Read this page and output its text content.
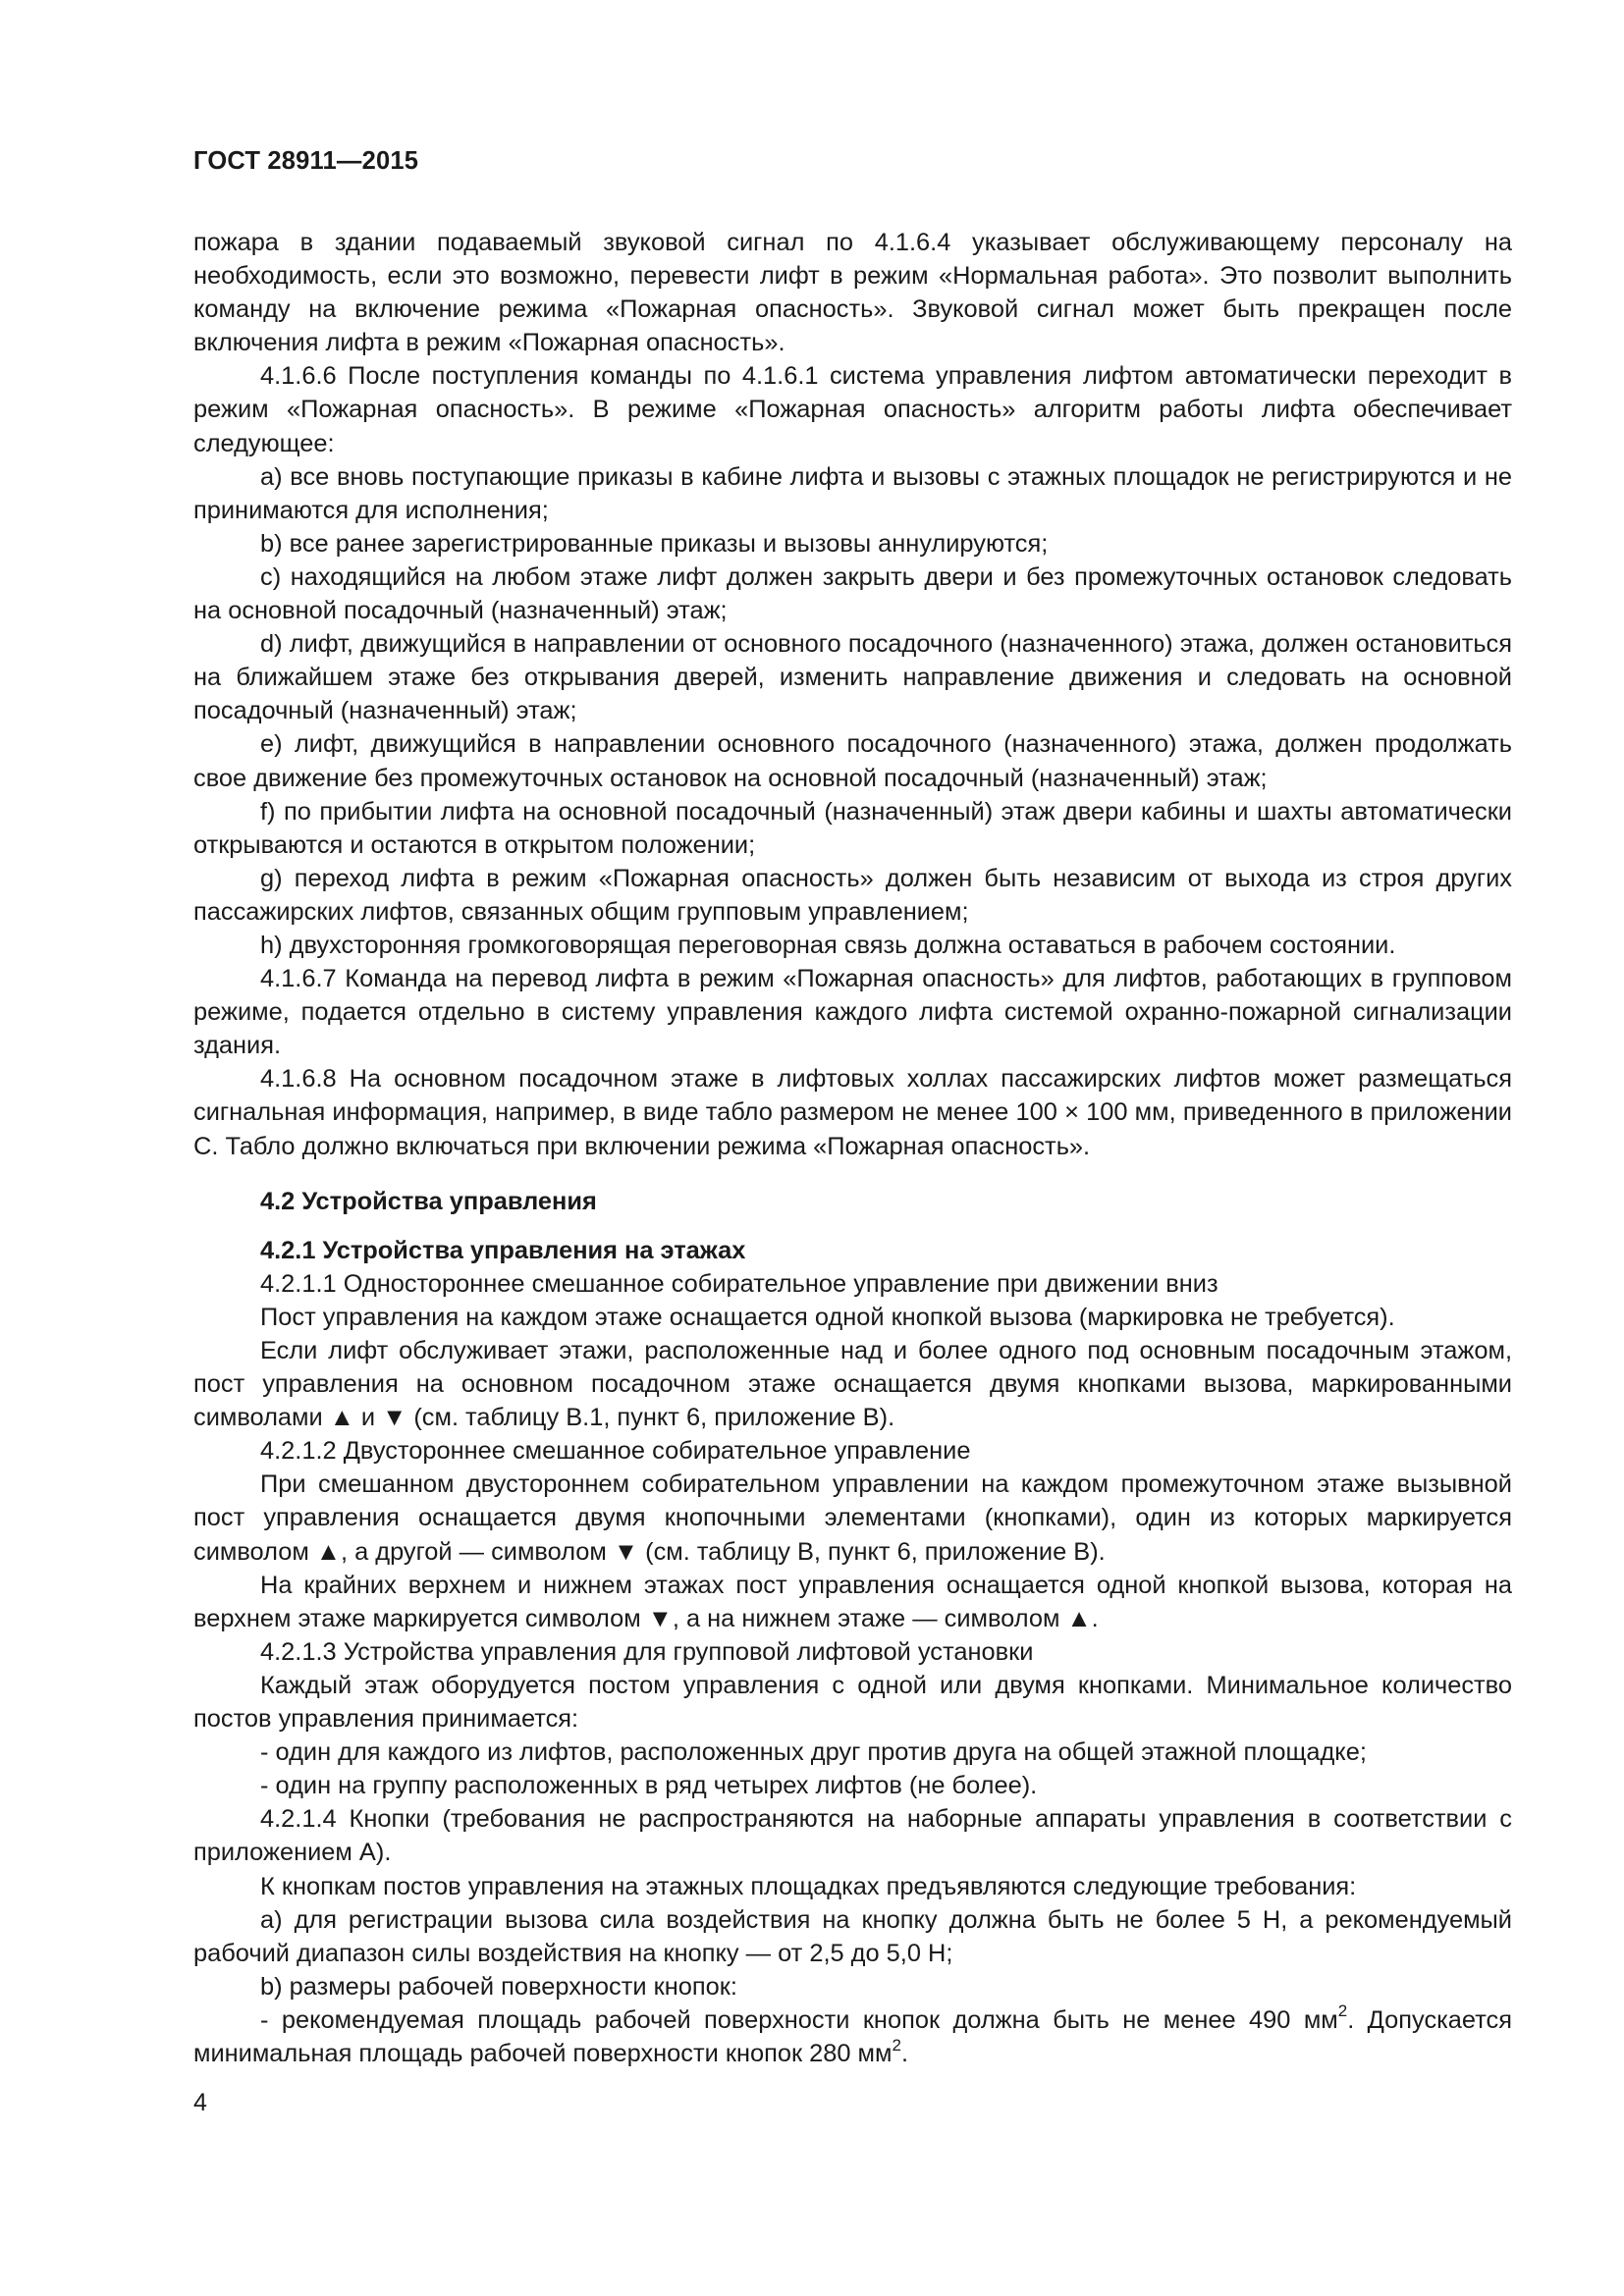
ГОСТ 28911—2015

пожара в здании подаваемый звуковой сигнал по 4.1.6.4 указывает обслуживающему персоналу на необходимость, если это возможно, перевести лифт в режим «Нормальная работа». Это позволит выполнить команду на включение режима «Пожарная опасность». Звуковой сигнал может быть прекращен после включения лифта в режим «Пожарная опасность».

4.1.6.6 После поступления команды по 4.1.6.1 система управления лифтом автоматически переходит в режим «Пожарная опасность». В режиме «Пожарная опасность» алгоритм работы лифта обеспечивает следующее:

a) все вновь поступающие приказы в кабине лифта и вызовы с этажных площадок не регистрируются и не принимаются для исполнения;

b) все ранее зарегистрированные приказы и вызовы аннулируются;

c) находящийся на любом этаже лифт должен закрыть двери и без промежуточных остановок следовать на основной посадочный (назначенный) этаж;

d) лифт, движущийся в направлении от основного посадочного (назначенного) этажа, должен остановиться на ближайшем этаже без открывания дверей, изменить направление движения и следовать на основной посадочный (назначенный) этаж;

e) лифт, движущийся в направлении основного посадочного (назначенного) этажа, должен продолжать свое движение без промежуточных остановок на основной посадочный (назначенный) этаж;

f) по прибытии лифта на основной посадочный (назначенный) этаж двери кабины и шахты автоматически открываются и остаются в открытом положении;

g) переход лифта в режим «Пожарная опасность» должен быть независим от выхода из строя других пассажирских лифтов, связанных общим групповым управлением;

h) двухсторонняя громкоговорящая переговорная связь должна оставаться в рабочем состоянии.

4.1.6.7 Команда на перевод лифта в режим «Пожарная опасность» для лифтов, работающих в групповом режиме, подается отдельно в систему управления каждого лифта системой охранно-пожарной сигнализации здания.

4.1.6.8 На основном посадочном этаже в лифтовых холлах пассажирских лифтов может размещаться сигнальная информация, например, в виде табло размером не менее 100 × 100 мм, приведенного в приложении С. Табло должно включаться при включении режима «Пожарная опасность».

4.2 Устройства управления
4.2.1 Устройства управления на этажах

4.2.1.1 Одностороннее смешанное собирательное управление при движении вниз

Пост управления на каждом этаже оснащается одной кнопкой вызова (маркировка не требуется).

Если лифт обслуживает этажи, расположенные над и более одного под основным посадочным этажом, пост управления на основном посадочном этаже оснащается двумя кнопками вызова, маркированными символами ▲ и ▼ (см. таблицу В.1, пункт 6, приложение В).

4.2.1.2 Двустороннее смешанное собирательное управление

При смешанном двустороннем собирательном управлении на каждом промежуточном этаже вызывной пост управления оснащается двумя кнопочными элементами (кнопками), один из которых маркируется символом ▲, а другой — символом ▼ (см. таблицу В, пункт 6, приложение В).

На крайних верхнем и нижнем этажах пост управления оснащается одной кнопкой вызова, которая на верхнем этаже маркируется символом ▼, а на нижнем этаже — символом ▲.

4.2.1.3 Устройства управления для групповой лифтовой установки

Каждый этаж оборудуется постом управления с одной или двумя кнопками. Минимальное количество постов управления принимается:

- один для каждого из лифтов, расположенных друг против друга на общей этажной площадке;

- один на группу расположенных в ряд четырех лифтов (не более).

4.2.1.4 Кнопки (требования не распространяются на наборные аппараты управления в соответствии с приложением А).

К кнопкам постов управления на этажных площадках предъявляются следующие требования:

a) для регистрации вызова сила воздействия на кнопку должна быть не более 5 Н, а рекомендуемый рабочий диапазон силы воздействия на кнопку — от 2,5 до 5,0 Н;

b) размеры рабочей поверхности кнопок:

- рекомендуемая площадь рабочей поверхности кнопок должна быть не менее 490 $мм^2$. Допускается минимальная площадь рабочей поверхности кнопок 280 $мм^2$.

4
